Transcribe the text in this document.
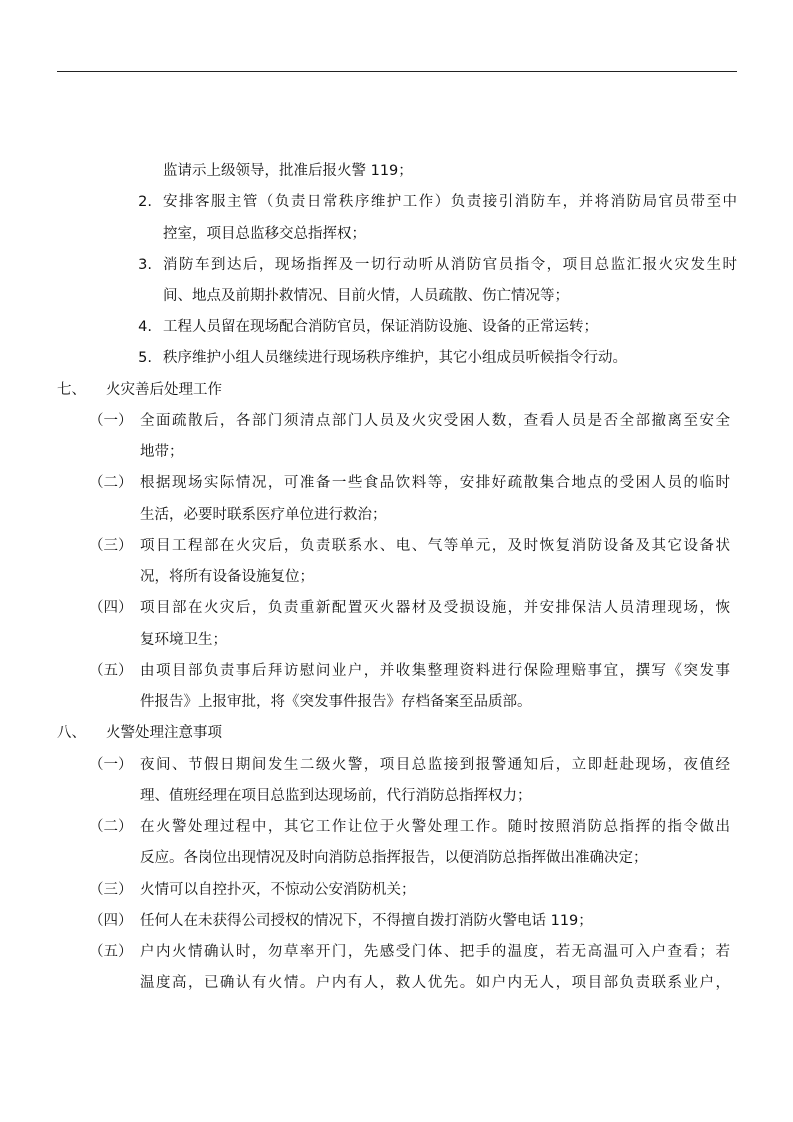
监请示上级领导，批准后报火警 119；
2. 安排客服主管（负责日常秩序维护工作）负责接引消防车，并将消防局官员带至中
控室，项目总监移交总指挥权；
3. 消防车到达后，现场指挥及一切行动听从消防官员指令，项目总监汇报火灾发生时
间、地点及前期扑救情况、目前火情，人员疏散、伤亡情况等；
4. 工程人员留在现场配合消防官员，保证消防设施、设备的正常运转；
5. 秩序维护小组人员继续进行现场秩序维护，其它小组成员听候指令行动。
七、 火灾善后处理工作
（一） 全面疏散后，各部门须清点部门人员及火灾受困人数，查看人员是否全部撤离至安全
地带；
（二） 根据现场实际情况，可准备一些食品饮料等，安排好疏散集合地点的受困人员的临时
生活，必要时联系医疗单位进行救治；
（三） 项目工程部在火灾后，负责联系水、电、气等单元，及时恢复消防设备及其它设备状
况，将所有设备设施复位；
（四） 项目部在火灾后，负责重新配置灭火器材及受损设施，并安排保洁人员清理现场，恢
复环境卫生；
（五） 由项目部负责事后拜访慰问业户，并收集整理资料进行保险理赔事宜，撰写《突发事
件报告》上报审批，将《突发事件报告》存档备案至品质部。
八、 火警处理注意事项
（一） 夜间、节假日期间发生二级火警，项目总监接到报警通知后，立即赶赴现场，夜值经
理、值班经理在项目总监到达现场前，代行消防总指挥权力；
（二） 在火警处理过程中，其它工作让位于火警处理工作。随时按照消防总指挥的指令做出
反应。各岗位出现情况及时向消防总指挥报告，以便消防总指挥做出准确决定；
（三） 火情可以自控扑灭，不惊动公安消防机关；
（四） 任何人在未获得公司授权的情况下，不得擅自拨打消防火警电话 119；
（五） 户内火情确认时，勿草率开门，先感受门体、把手的温度，若无高温可入户查看；若
温度高，已确认有火情。户内有人，救人优先。如户内无人，项目部负责联系业户，
